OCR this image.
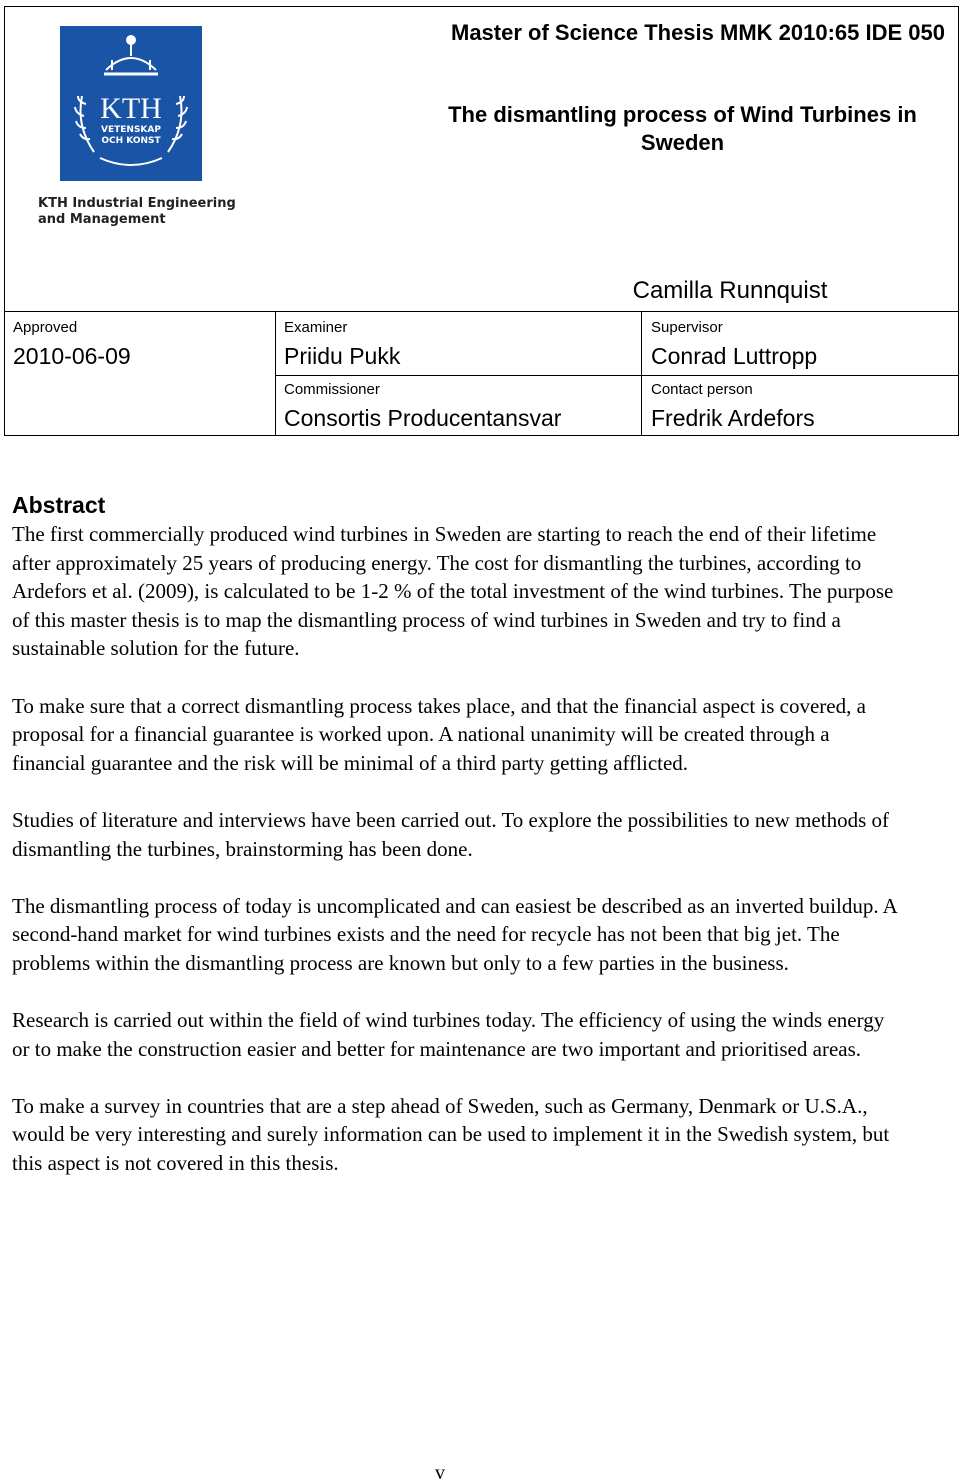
KTH
VETENSKAP
OCH KONST
KTH Industrial Engineering
and Management
Master of Science Thesis MMK 2010:65 IDE 050
The dismantling process of Wind Turbines in Sweden
Camilla Runnquist
Approved
2010-06-09
Examiner
Priidu Pukk
Supervisor
Conrad Luttropp
Commissioner
Consortis Producentansvar
Contact person
Fredrik Ardefors
Abstract

The first commercially produced wind turbines in Sweden are starting to reach the end of their lifetime after approximately 25 years of producing energy. The cost for dismantling the turbines, according to Ardefors et al. (2009), is calculated to be 1-2 % of the total investment of the wind turbines. The purpose of this master thesis is to map the dismantling process of wind turbines in Sweden and try to find a sustainable solution for the future.

To make sure that a correct dismantling process takes place, and that the financial aspect is covered, a proposal for a financial guarantee is worked upon. A national unanimity will be created through a financial guarantee and the risk will be minimal of a third party getting afflicted.

Studies of literature and interviews have been carried out. To explore the possibilities to new methods of dismantling the turbines, brainstorming has been done.

The dismantling process of today is uncomplicated and can easiest be described as an inverted buildup. A second-hand market for wind turbines exists and the need for recycle has not been that big jet. The problems within the dismantling process are known but only to a few parties in the business.

Research is carried out within the field of wind turbines today. The efficiency of using the winds energy or to make the construction easier and better for maintenance are two important and prioritised areas.

To make a survey in countries that are a step ahead of Sweden, such as Germany, Denmark or U.S.A., would be very interesting and surely information can be used to implement it in the Swedish system, but this aspect is not covered in this thesis.

v
